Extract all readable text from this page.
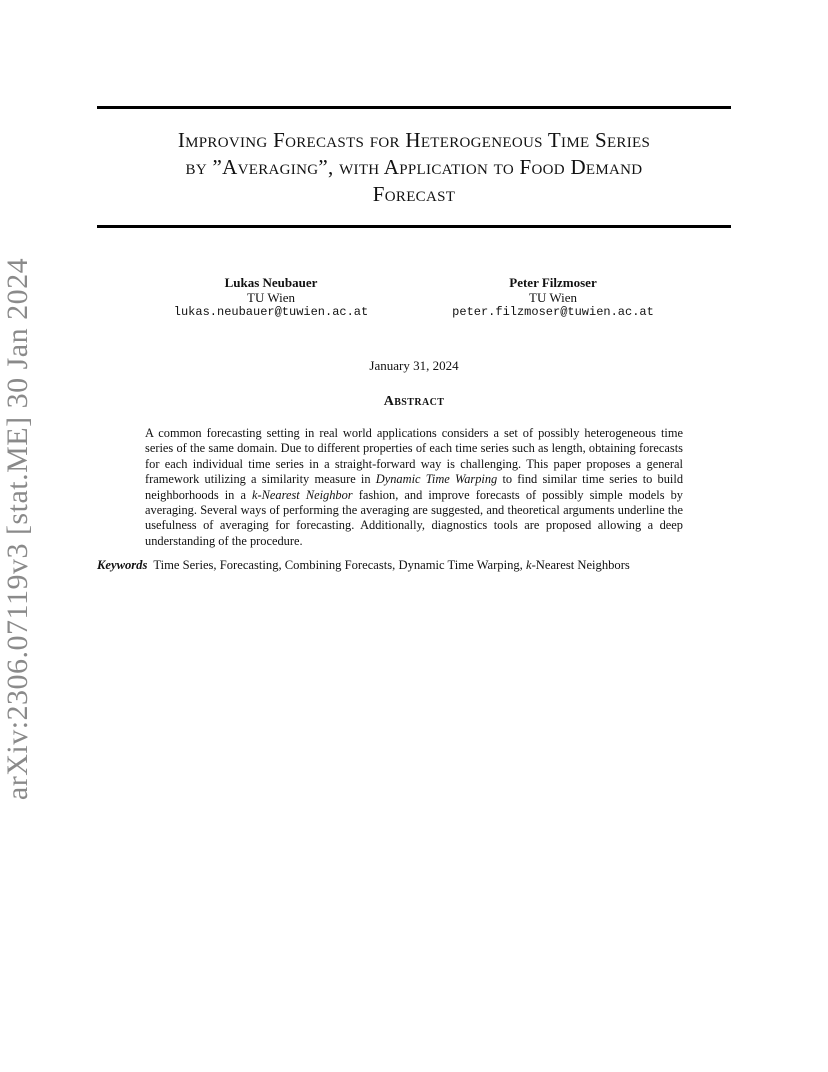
arXiv:2306.07119v3 [stat.ME] 30 Jan 2024
Improving Forecasts for Heterogeneous Time Series
by ”Averaging”, with Application to Food Demand
Forecast
Lukas Neubauer
TU Wien
lukas.neubauer@tuwien.ac.at
Peter Filzmoser
TU Wien
peter.filzmoser@tuwien.ac.at
January 31, 2024
Abstract

A common forecasting setting in real world applications considers a set of possibly heterogeneous time series of the same domain. Due to different properties of each time series such as length, obtaining forecasts for each individual time series in a straight-forward way is challenging. This paper proposes a general framework utilizing a similarity measure in Dynamic Time Warping to find similar time series to build neighborhoods in a k-Nearest Neighbor fashion, and improve forecasts of possibly simple models by averaging. Several ways of performing the averaging are suggested, and theoretical arguments underline the usefulness of averaging for forecasting. Additionally, diagnostics tools are proposed allowing a deep understanding of the procedure.

Keywords Time Series, Forecasting, Combining Forecasts, Dynamic Time Warping, k-Nearest Neighbors
